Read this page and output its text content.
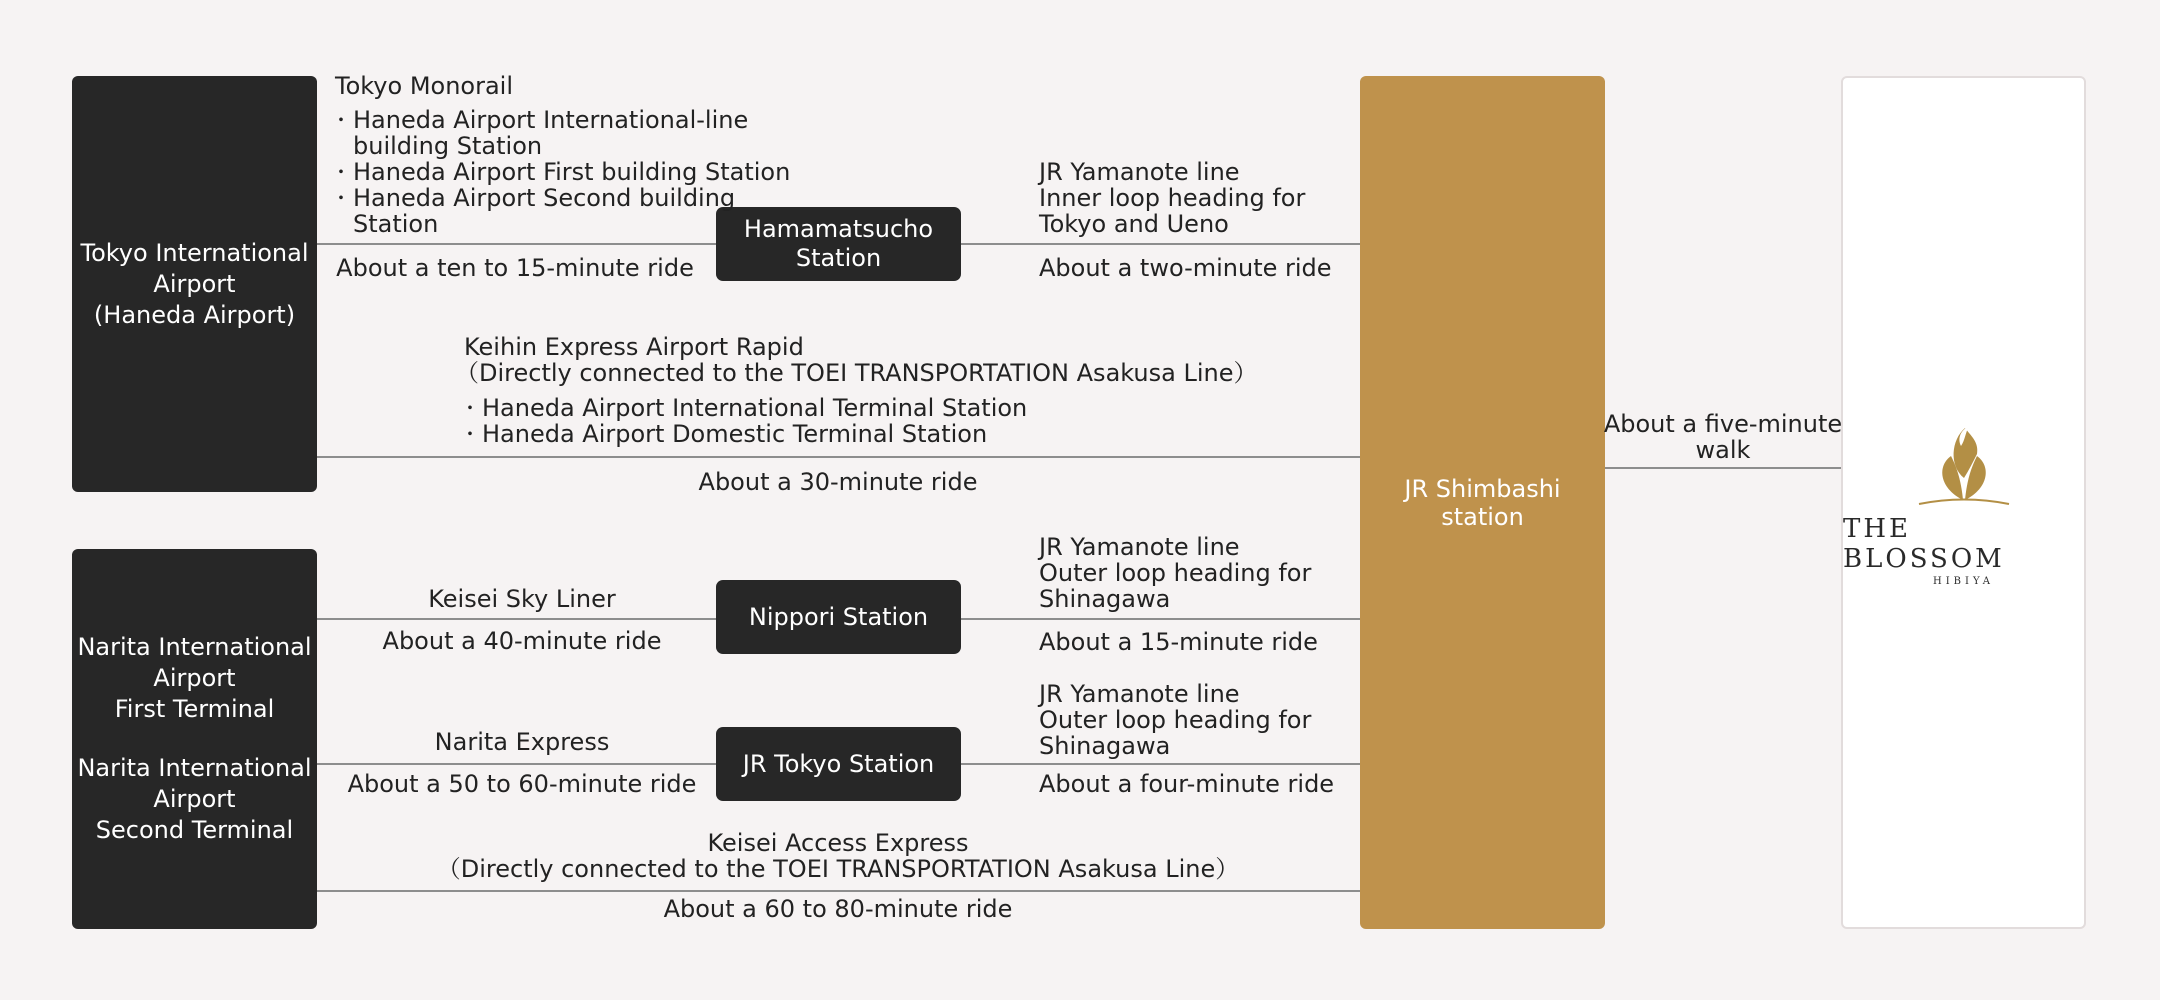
Tokyo International
Airport
(Haneda Airport)
Narita International
Airport
First Terminal
Narita International
Airport
Second Terminal
JR Shimbashi station	THE BLOSSOM
HIBIYA
Hamamatsucho
Station
Nippori Station
JR Tokyo Station
Tokyo Monorail
・ Haneda Airport International-line
building Station
・ Haneda Airport First building Station
・ Haneda Airport Second building
Station
About a ten to 15-minute ride
JR Yamanote line
Inner loop heading for
Tokyo and Ueno
About a two-minute ride
Keihin Express Airport Rapid
（Directly connected to the TOEI TRANSPORTATION Asakusa Line）
・ Haneda Airport International Terminal Station
・ Haneda Airport Domestic Terminal Station
About a 30-minute ride
About a five-minute
walk
Keisei Sky Liner
About a 40-minute ride
JR Yamanote line
Outer loop heading for
Shinagawa
About a 15-minute ride
Narita Express
About a 50 to 60-minute ride
JR Yamanote line
Outer loop heading for
Shinagawa
About a four-minute ride
Keisei Access Express
（Directly connected to the TOEI TRANSPORTATION Asakusa Line）
About a 60 to 80-minute ride
